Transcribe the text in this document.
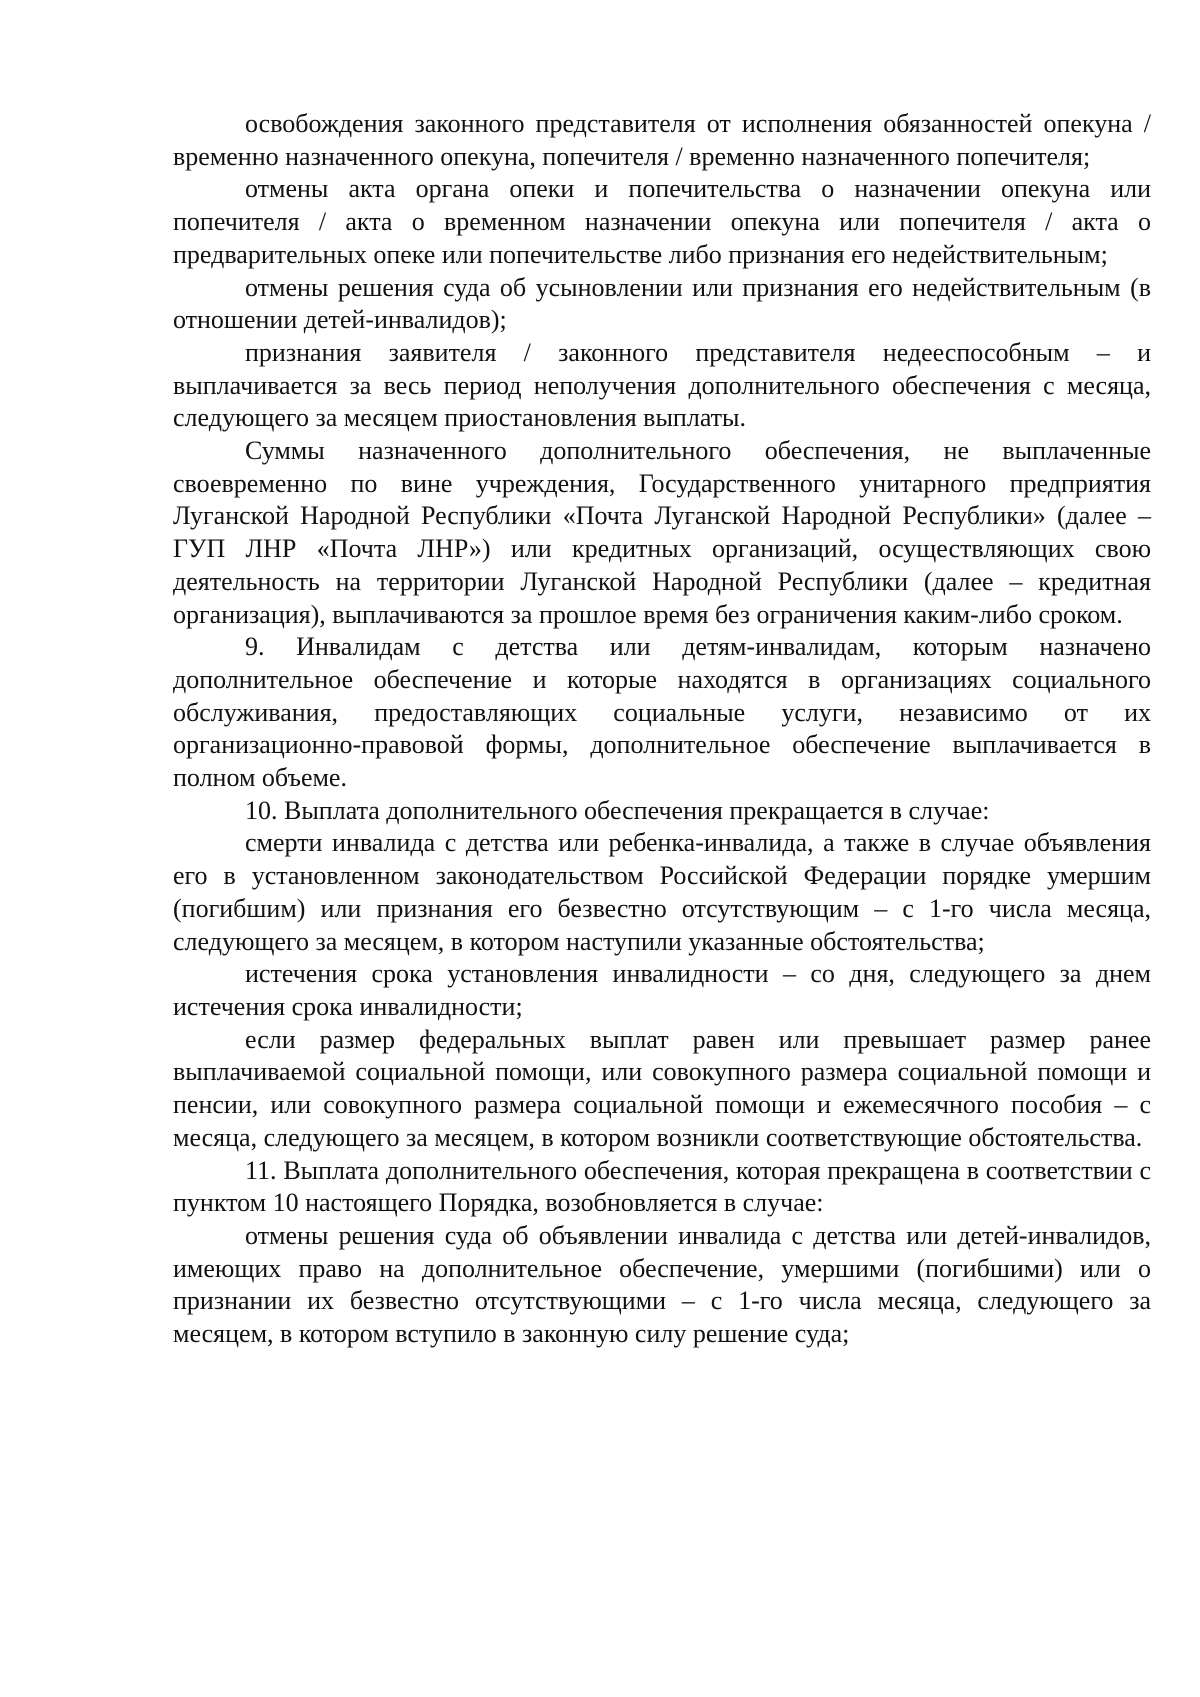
освобождения законного представителя от исполнения обязанностей опекуна / временно назначенного опекуна, попечителя / временно назначенного попечителя;

отмены акта органа опеки и попечительства о назначении опекуна или попечителя / акта о временном назначении опекуна или попечителя / акта о предварительных опеке или попечительстве либо признания его недействительным;

отмены решения суда об усыновлении или признания его недействительным (в отношении детей-инвалидов);

признания заявителя / законного представителя недееспособным – и выплачивается за весь период неполучения дополнительного обеспечения с месяца, следующего за месяцем приостановления выплаты.

Суммы назначенного дополнительного обеспечения, не выплаченные своевременно по вине учреждения, Государственного унитарного предприятия Луганской Народной Республики «Почта Луганской Народной Республики» (далее – ГУП ЛНР «Почта ЛНР») или кредитных организаций, осуществляющих свою деятельность на территории Луганской Народной Республики (далее – кредитная организация), выплачиваются за прошлое время без ограничения каким-либо сроком.

9. Инвалидам с детства или детям-инвалидам, которым назначено дополнительное обеспечение и которые находятся в организациях социального обслуживания, предоставляющих социальные услуги, независимо от их организационно-правовой формы, дополнительное обеспечение выплачивается в полном объеме.

10. Выплата дополнительного обеспечения прекращается в случае:

смерти инвалида с детства или ребенка-инвалида, а также в случае объявления его в установленном законодательством Российской Федерации порядке умершим (погибшим) или признания его безвестно отсутствующим – с 1-го числа месяца, следующего за месяцем, в котором наступили указанные обстоятельства;

истечения срока установления инвалидности – со дня, следующего за днем истечения срока инвалидности;

если размер федеральных выплат равен или превышает размер ранее выплачиваемой социальной помощи, или совокупного размера социальной помощи и пенсии, или совокупного размера социальной помощи и ежемесячного пособия – с месяца, следующего за месяцем, в котором возникли соответствующие обстоятельства.

11. Выплата дополнительного обеспечения, которая прекращена в соответствии с пунктом 10 настоящего Порядка, возобновляется в случае:

отмены решения суда об объявлении инвалида с детства или детей-инвалидов, имеющих право на дополнительное обеспечение, умершими (погибшими) или о признании их безвестно отсутствующими – с 1-го числа месяца, следующего за месяцем, в котором вступило в законную силу решение суда;
